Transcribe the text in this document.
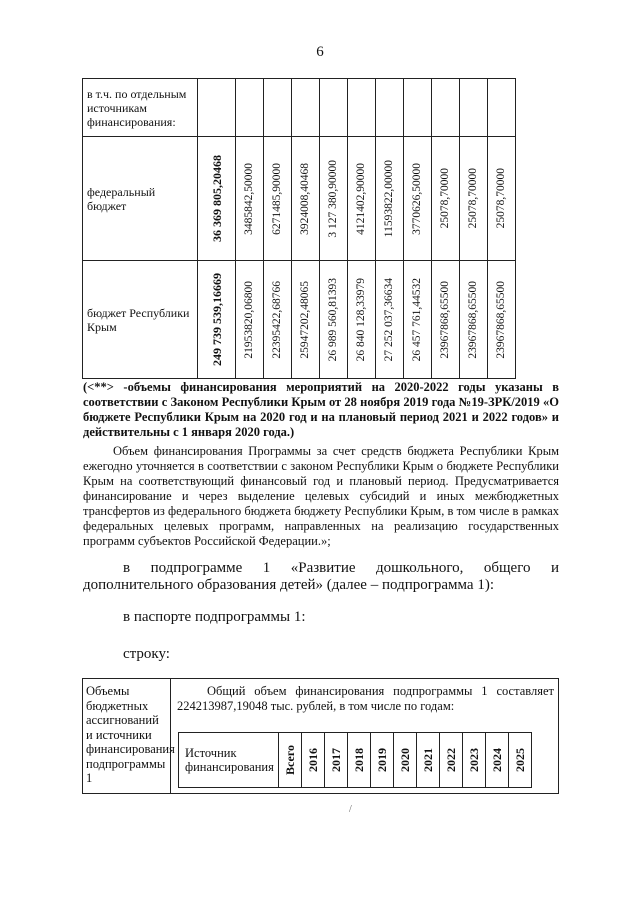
6
в т.ч. по отдельным источникам финансирования:											
федеральный бюджет	36 369 805,20468	3485842,50000	6271485,90000	3924008,40468	3 127 380,90000	4121402,90000	11593822,00000	3770626,50000	25078,70000	25078,70000	25078,70000

бюджет Республики Крым	249 739 539,16669	21953820,06800	22395422,68766	25947202,48065	26 989 560,81393	26 840 128,33979	27 252 037,36634	26 457 761,44532	23967868,65500	23967868,65500	23967868,65500
(<**> -объемы финансирования мероприятий на 2020-2022 годы указаны в соответствии с Законом Республики Крым от 28 ноября 2019 года №19-ЗРК/2019 «О бюджете Республики Крым на 2020 год и на плановый период 2021 и 2022 годов» и действительны с 1 января 2020 года.)
Объем финансирования Программы за счет средств бюджета Республики Крым ежегодно уточняется в соответствии с законом Республики Крым о бюджете Республики Крым на соответствующий финансовый год и плановый период. Предусматривается финансирование и через выделение целевых субсидий и иных межбюджетных трансфертов из федерального бюджета бюджету Республики Крым, в том числе в рамках федеральных целевых программ, направленных на реализацию государственных программ субъектов Российской Федерации.»;
в подпрограмме 1 «Развитие дошкольного, общего и дополнительного образования детей» (далее – подпрограмма 1):
в паспорте подпрограммы 1:
строку:
Объемы бюджетных ассигнований и источники финансирования подпрограммы 1
Общий объем финансирования подпрограммы 1 составляет 224213987,19048 тыс. рублей, в том числе по годам:
Источник финансирования	Всего	2016	2017	2018	2019	2020	2021	2022	2023	2024	2025
/
